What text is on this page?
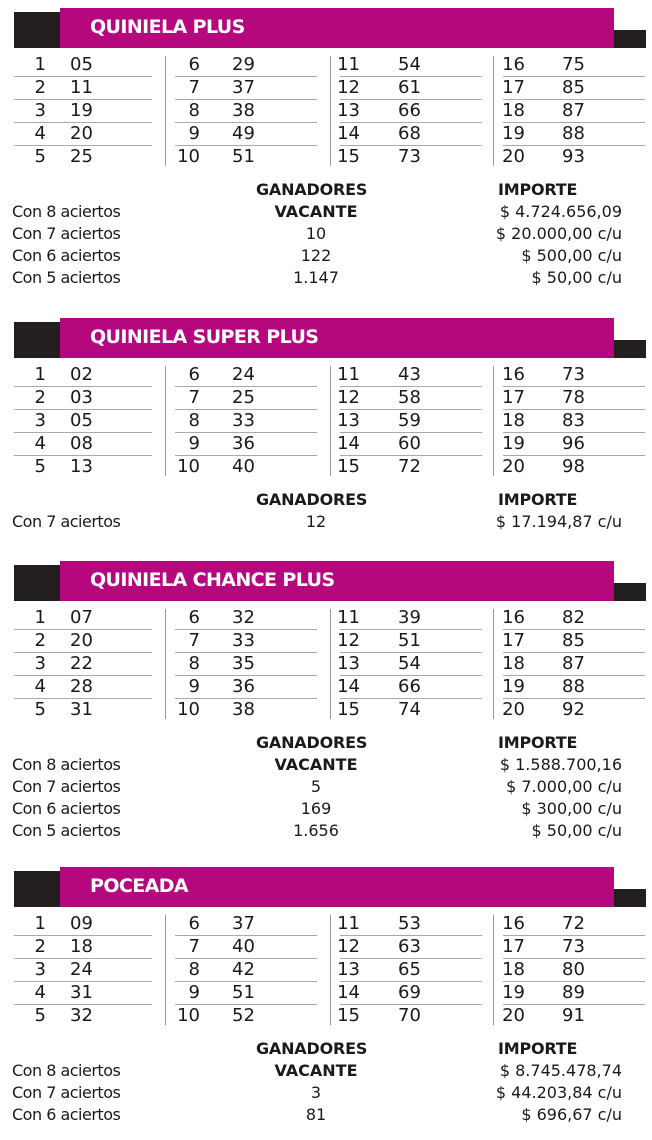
QUINIELA PLUS
1 05
2 11
3 19
4 20
5 25
6 29
7 37
8 38
9 49
10 51
11 54
12 61
13 66
14 68
15 73
16 75
17 85
18 87
19 88
20 93
GANADORES	IMPORTE
Con 8 aciertos	VACANTE	$ 4.724.656,09
Con 7 aciertos	10	$ 20.000,00 c/u
Con 6 aciertos	122	$ 500,00 c/u
Con 5 aciertos	1.147	$ 50,00 c/u
QUINIELA SUPER PLUS
1 02
2 03
3 05
4 08
5 13
6 24
7 25
8 33
9 36
10 40
11 43
12 58
13 59
14 60
15 72
16 73
17 78
18 83
19 96
20 98
GANADORES	IMPORTE
Con 7 aciertos	12	$ 17.194,87 c/u
QUINIELA CHANCE PLUS
1 07
2 20
3 22
4 28
5 31
6 32
7 33
8 35
9 36
10 38
11 39
12 51
13 54
14 66
15 74
16 82
17 85
18 87
19 88
20 92
GANADORES	IMPORTE
Con 8 aciertos	VACANTE	$ 1.588.700,16
Con 7 aciertos	5	$ 7.000,00 c/u
Con 6 aciertos	169	$ 300,00 c/u
Con 5 aciertos	1.656	$ 50,00 c/u
POCEADA
1 09
2 18
3 24
4 31
5 32
6 37
7 40
8 42
9 51
10 52
11 53
12 63
13 65
14 69
15 70
16 72
17 73
18 80
19 89
20 91
GANADORES	IMPORTE
Con 8 aciertos	VACANTE	$ 8.745.478,74
Con 7 aciertos	3	$ 44.203,84 c/u
Con 6 aciertos	81	$ 696,67 c/u
